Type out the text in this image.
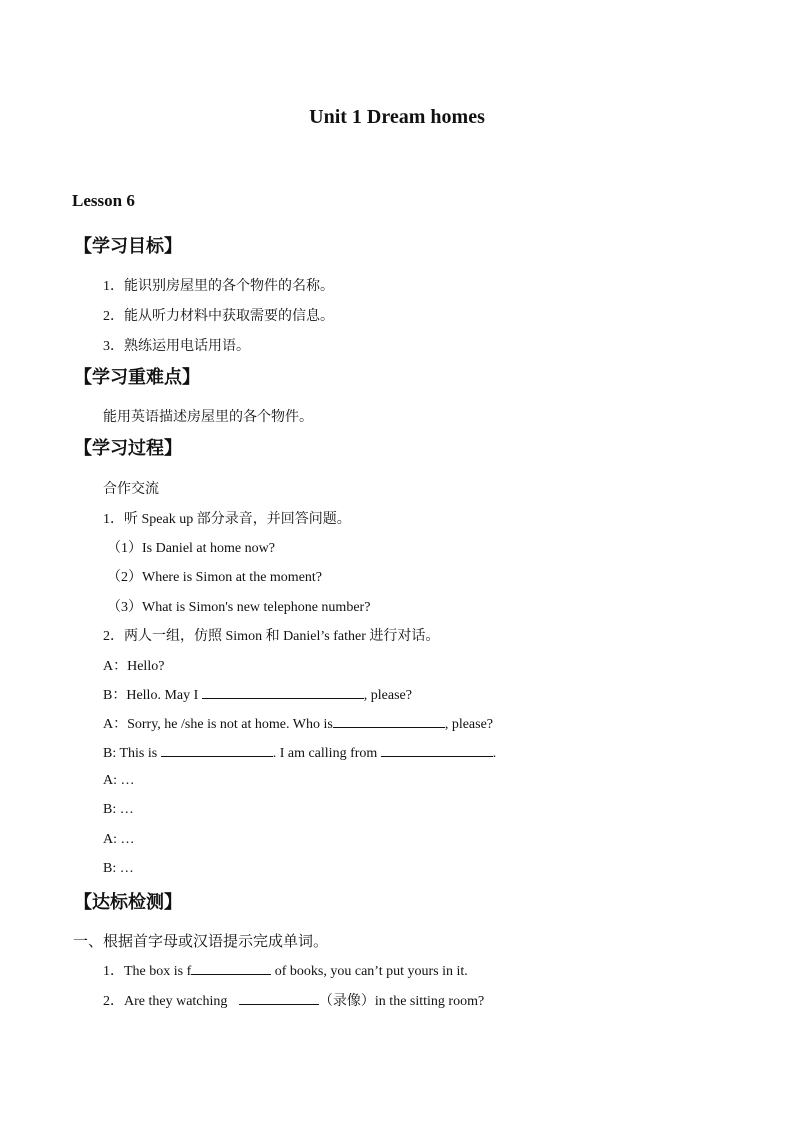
Unit 1 Dream homes
Lesson 6
【学习目标】
1．能识别房屋里的各个物件的名称。
2．能从听力材料中获取需要的信息。
3．熟练运用电话用语。
【学习重难点】
能用英语描述房屋里的各个物件。
【学习过程】
合作交流
1．听 Speak up 部分录音，并回答问题。
（1）Is Daniel at home now?
（2）Where is Simon at the moment?
（3）What is Simon's new telephone number?
2．两人一组，仿照 Simon 和 Daniel’s father 进行对话。
A：Hello?
B：Hello. May I	, please?
A：Sorry, he /she is not at home. Who is	, please?
B: This is	. I am calling from	.
A: …
B: …
A: …
B: …
【达标检测】
一、根据首字母或汉语提示完成单词。
1．The box is f	of books, you can’t put yours in it.
2．Are they watching	（录像）in the sitting room?
